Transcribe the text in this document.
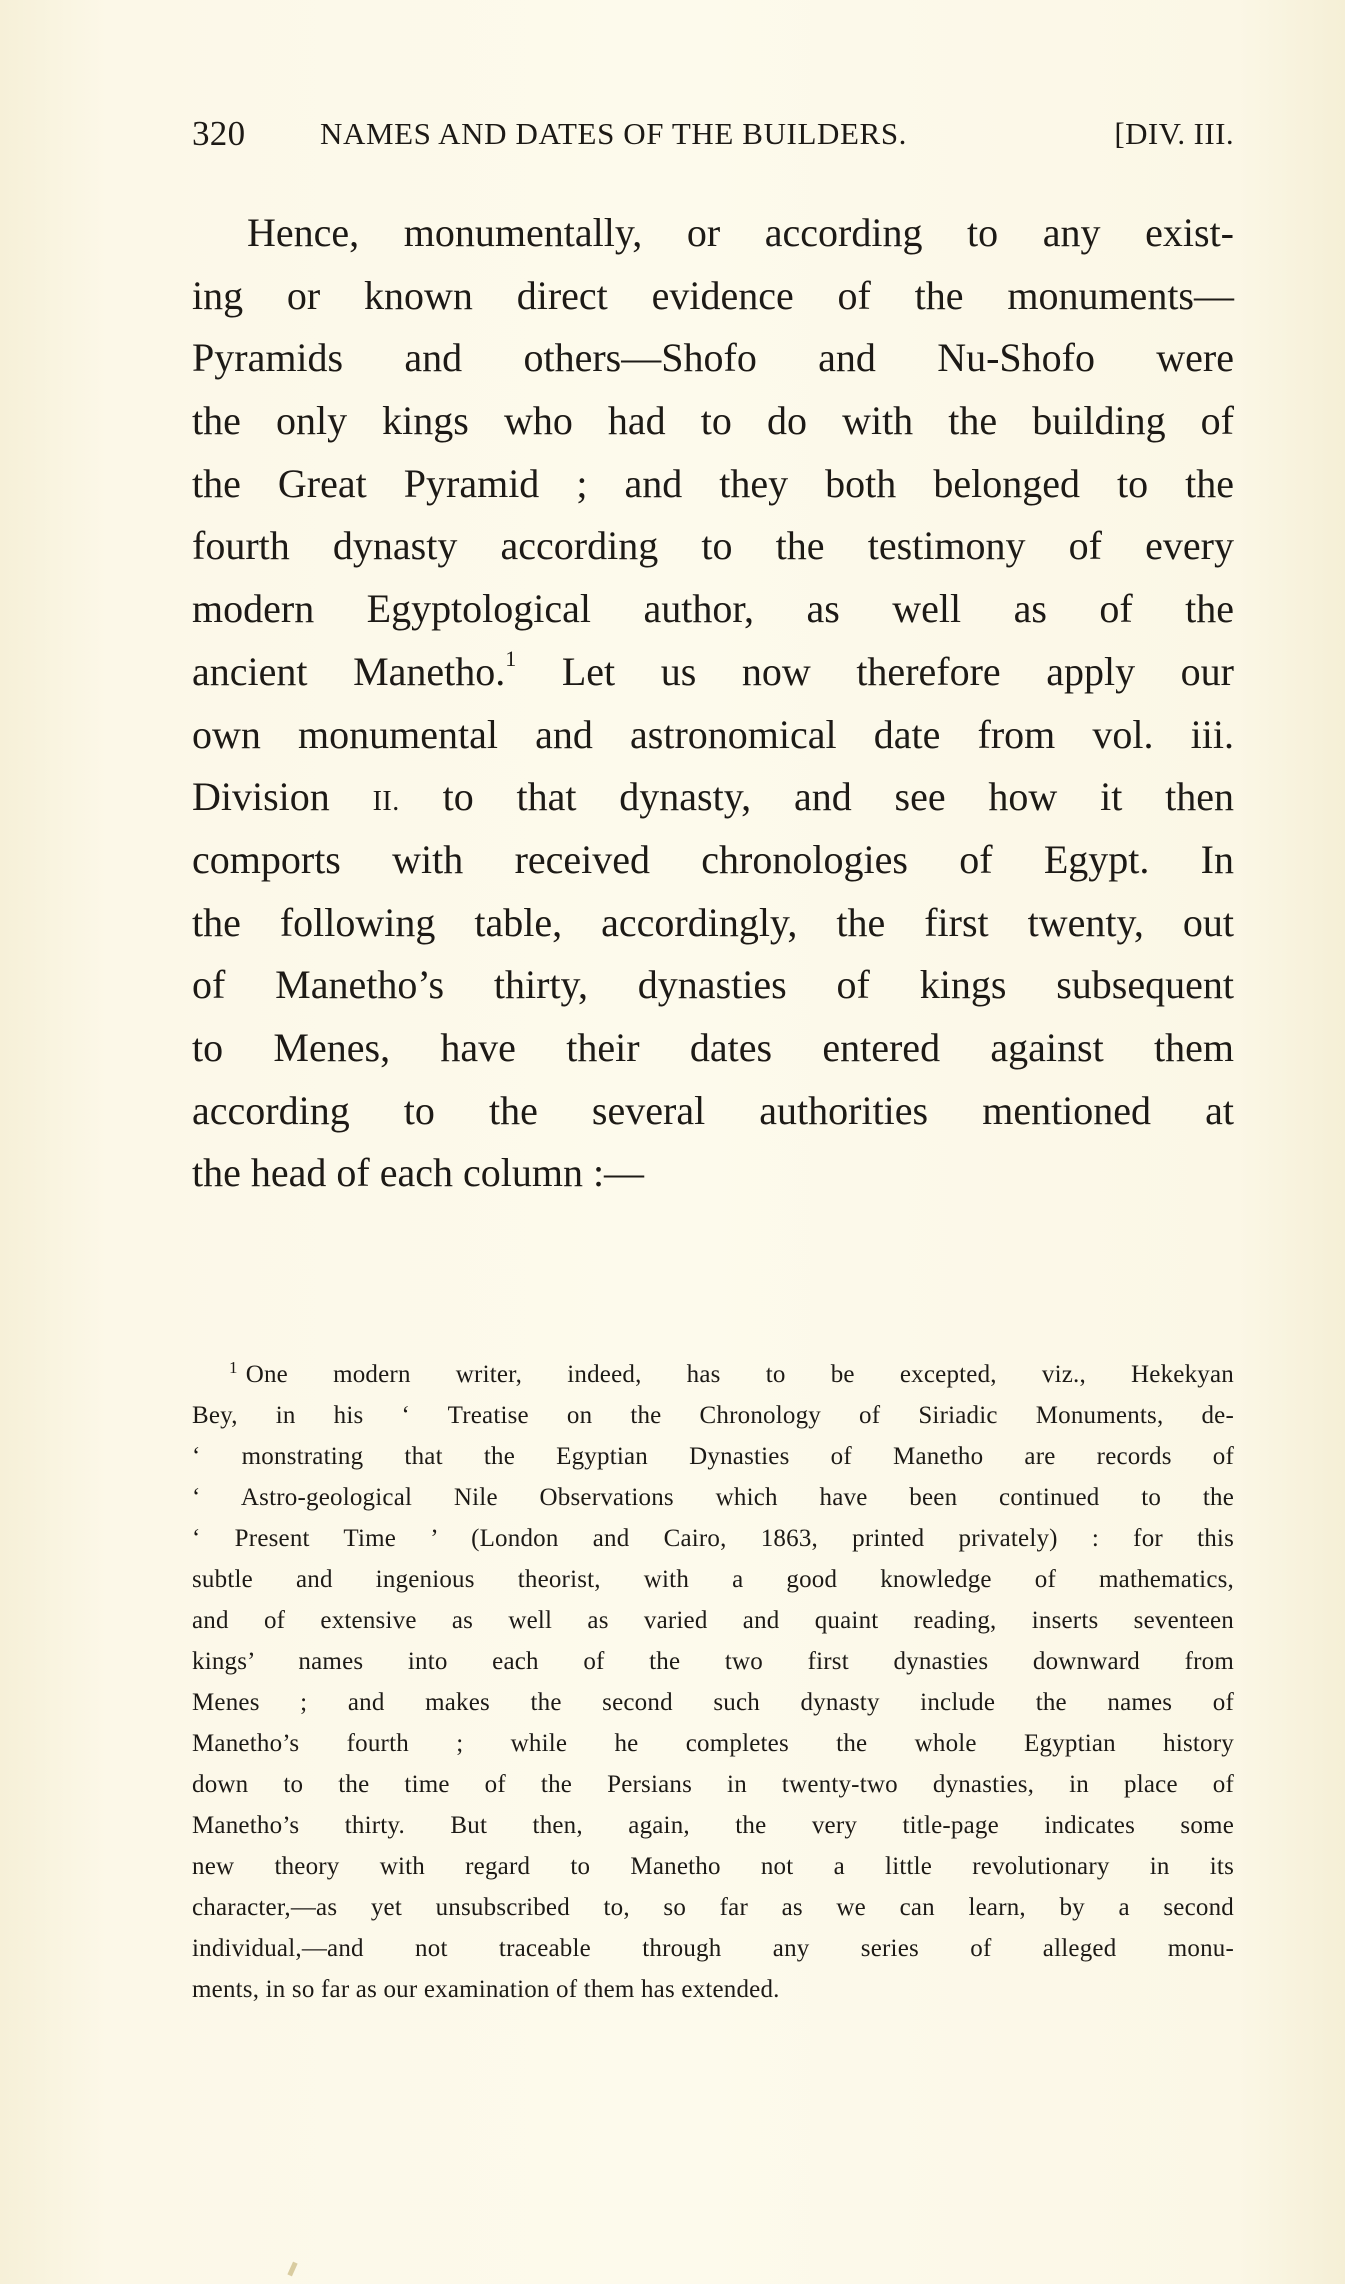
320 NAMES AND DATES OF THE BUILDERS.	[DIV. III.
Hence, monumentally, or according to any exist-
ing or known direct evidence of the monuments—
Pyramids and others—Shofo and Nu-Shofo were
the only kings who had to do with the building of
the Great Pyramid ; and they both belonged to the
fourth dynasty according to the testimony of every
modern Egyptological author, as well as of the
ancient Manetho.$^1$ Let us now therefore apply our
own monumental and astronomical date from vol. iii.
Division II. to that dynasty, and see how it then
comports with received chronologies of Egypt. In
the following table, accordingly, the first twenty, out
of Manetho’s thirty, dynasties of kings subsequent
to Menes, have their dates entered against them
according to the several authorities mentioned at
the head of each column :—
$^1$ One modern writer, indeed, has to be excepted, viz., Hekekyan
Bey, in his ‘ Treatise on the Chronology of Siriadic Monuments, de-
‘ monstrating that the Egyptian Dynasties of Manetho are records of
‘ Astro-geological Nile Observations which have been continued to the
‘ Present Time ’ (London and Cairo, 1863, printed privately) : for this
subtle and ingenious theorist, with a good knowledge of mathematics,
and of extensive as well as varied and quaint reading, inserts seventeen
kings’ names into each of the two first dynasties downward from
Menes ; and makes the second such dynasty include the names of
Manetho’s fourth ; while he completes the whole Egyptian history
down to the time of the Persians in twenty-two dynasties, in place of
Manetho’s thirty. But then, again, the very title-page indicates some
new theory with regard to Manetho not a little revolutionary in its
character,—as yet unsubscribed to, so far as we can learn, by a second
individual,—and not traceable through any series of alleged monu-
ments, in so far as our examination of them has extended.
